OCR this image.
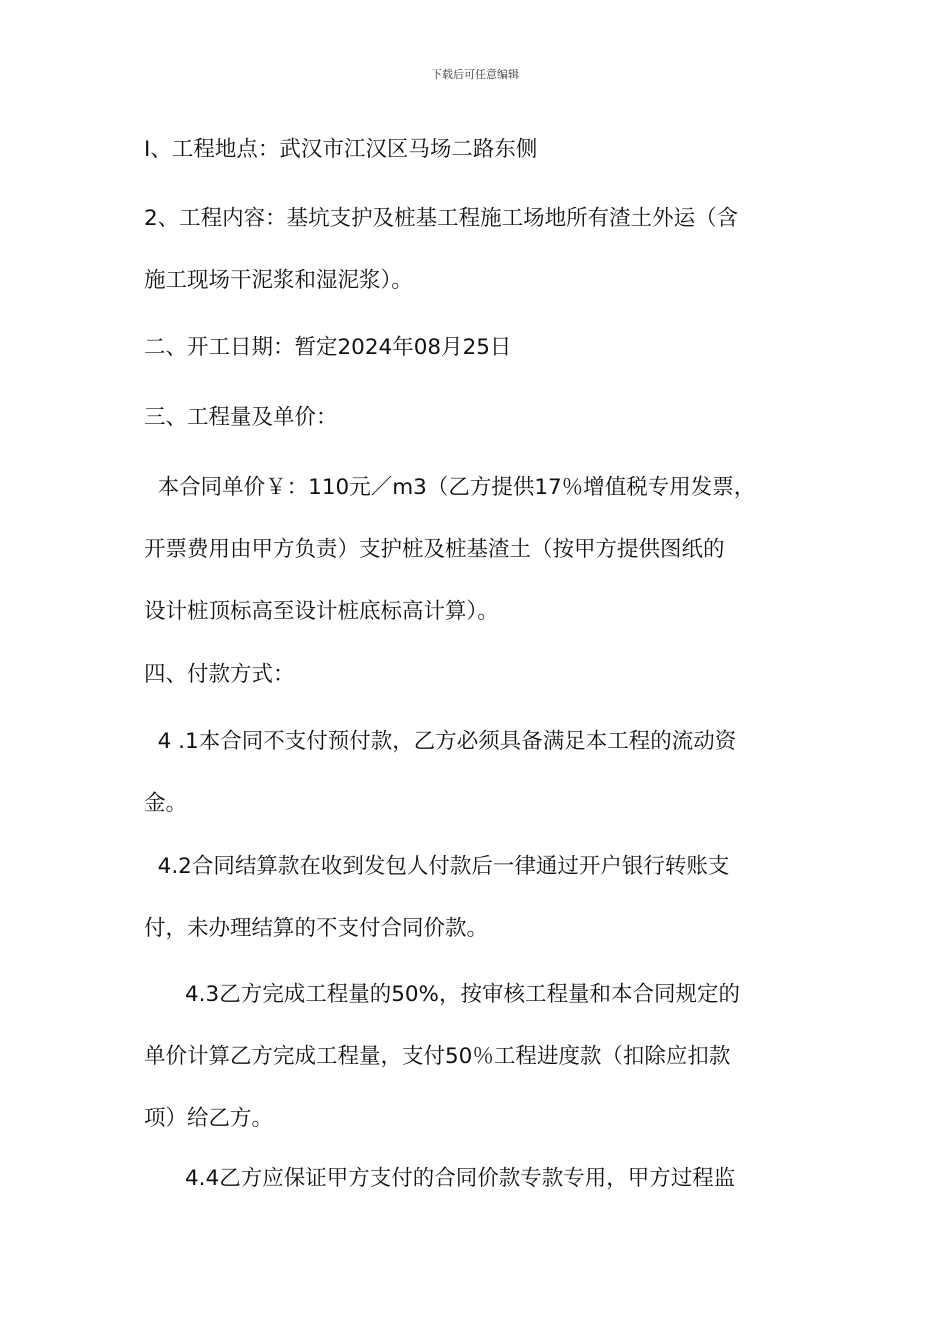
下载后可任意编辑
I、工程地点：武汉市江汉区马场二路东侧
2、工程内容：基坑支护及桩基工程施工场地所有渣土外运（含
施工现场干泥浆和湿泥浆）。
二、开工日期：暂定2024年08月25日
三、工程量及单价：
本合同单价￥：110元／m3（乙方提供17％增值税专用发票，
开票费用由甲方负责）支护桩及桩基渣土（按甲方提供图纸的
设计桩顶标高至设计桩底标高计算）。
四、付款方式：
4 .1本合同不支付预付款，乙方必须具备满足本工程的流动资
金。
4.2合同结算款在收到发包人付款后一律通过开户银行转账支
付，未办理结算的不支付合同价款。
4.3乙方完成工程量的50%，按审核工程量和本合同规定的
单价计算乙方完成工程量，支付50％工程进度款（扣除应扣款
项）给乙方。
4.4乙方应保证甲方支付的合同价款专款专用，甲方过程监
